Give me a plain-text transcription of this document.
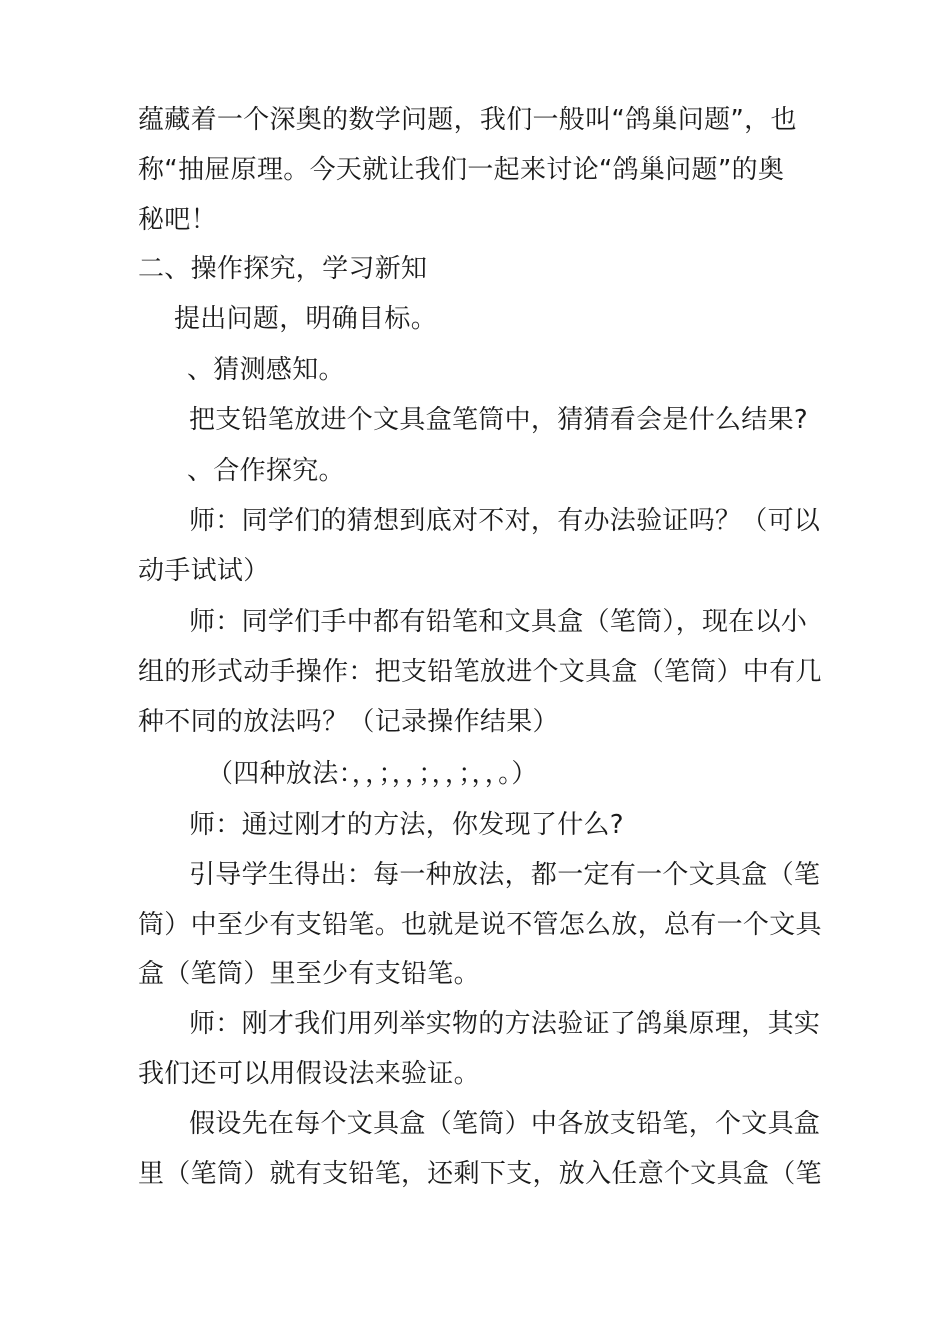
蕴藏着一个深奥的数学问题，我们一般叫“鸽巢问题”，也
称“抽屉原理。今天就让我们一起来讨论“鸽巢问题”的奥
秘吧！
二、操作探究，学习新知
提出问题，明确目标。
、猜测感知。
把支铅笔放进个文具盒笔筒中，猜猜看会是什么结果?
、合作探究。
师：同学们的猜想到底对不对，有办法验证吗？（可以
动手试试）
师：同学们手中都有铅笔和文具盒（笔筒），现在以小
组的形式动手操作：把支铅笔放进个文具盒（笔筒）中有几
种不同的放法吗？（记录操作结果）
（四种放法：，，；，，；，，；，，。）
师：通过刚才的方法，你发现了什么?
引导学生得出：每一种放法，都一定有一个文具盒（笔
筒）中至少有支铅笔。也就是说不管怎么放，总有一个文具
盒（笔筒）里至少有支铅笔。
师：刚才我们用列举实物的方法验证了鸽巢原理，其实
我们还可以用假设法来验证。
假设先在每个文具盒（笔筒）中各放支铅笔，个文具盒
里（笔筒）就有支铅笔，还剩下支，放入任意个文具盒（笔
